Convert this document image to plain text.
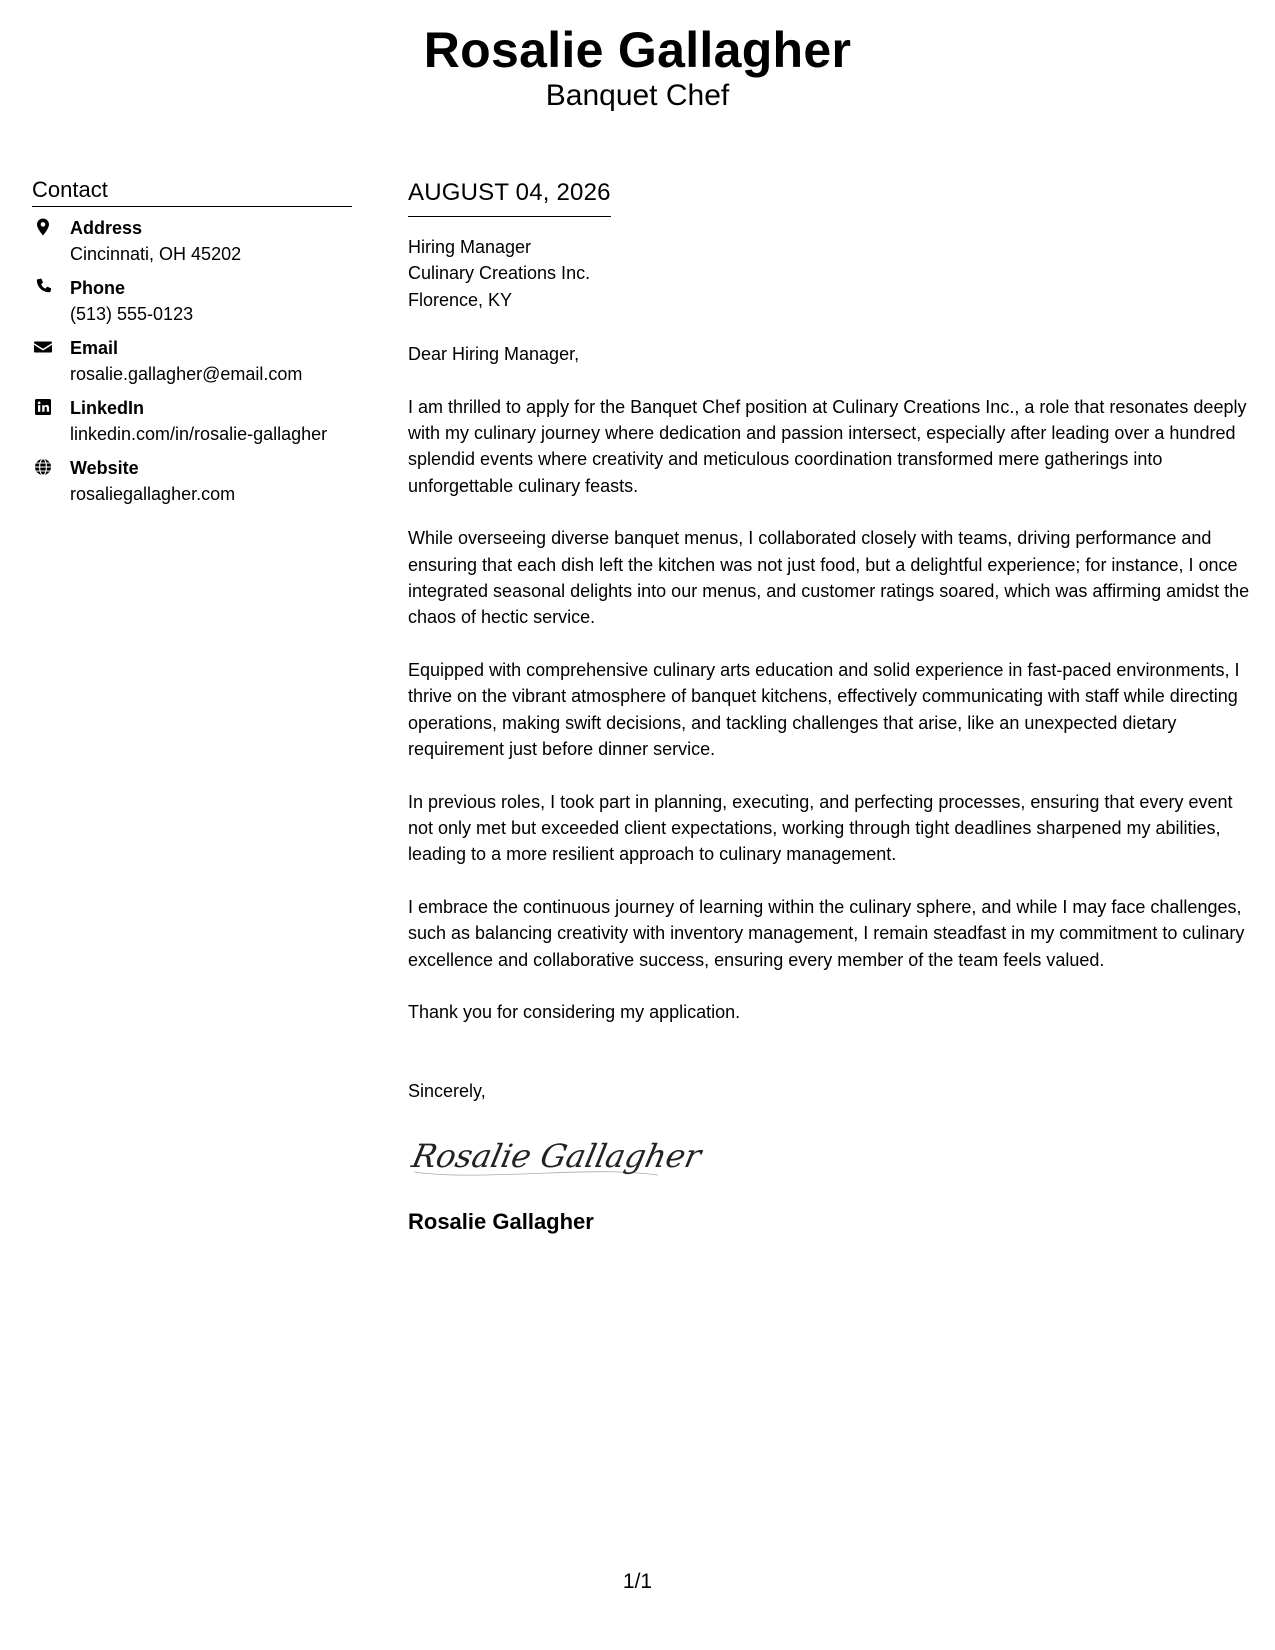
Rosalie Gallagher
Banquet Chef
Contact
Address
Cincinnati, OH 45202
Phone
(513) 555-0123
Email
rosalie.gallagher@email.com
LinkedIn
linkedin.com/in/rosalie-gallagher
Website
rosaliegallagher.com
AUGUST 04, 2026
Hiring Manager
Culinary Creations Inc.
Florence, KY
Dear Hiring Manager,
I am thrilled to apply for the Banquet Chef position at Culinary Creations Inc., a role that resonates deeply with my culinary journey where dedication and passion intersect, especially after leading over a hundred splendid events where creativity and meticulous coordination transformed mere gatherings into unforgettable culinary feasts.
While overseeing diverse banquet menus, I collaborated closely with teams, driving performance and ensuring that each dish left the kitchen was not just food, but a delightful experience; for instance, I once integrated seasonal delights into our menus, and customer ratings soared, which was affirming amidst the chaos of hectic service.
Equipped with comprehensive culinary arts education and solid experience in fast-paced environments, I thrive on the vibrant atmosphere of banquet kitchens, effectively communicating with staff while directing operations, making swift decisions, and tackling challenges that arise, like an unexpected dietary requirement just before dinner service.
In previous roles, I took part in planning, executing, and perfecting processes, ensuring that every event not only met but exceeded client expectations, working through tight deadlines sharpened my abilities, leading to a more resilient approach to culinary management.
I embrace the continuous journey of learning within the culinary sphere, and while I may face challenges, such as balancing creativity with inventory management, I remain steadfast in my commitment to culinary excellence and collaborative success, ensuring every member of the team feels valued.
Thank you for considering my application.
Sincerely,
Rosalie Gallagher
Rosalie Gallagher
1/1
